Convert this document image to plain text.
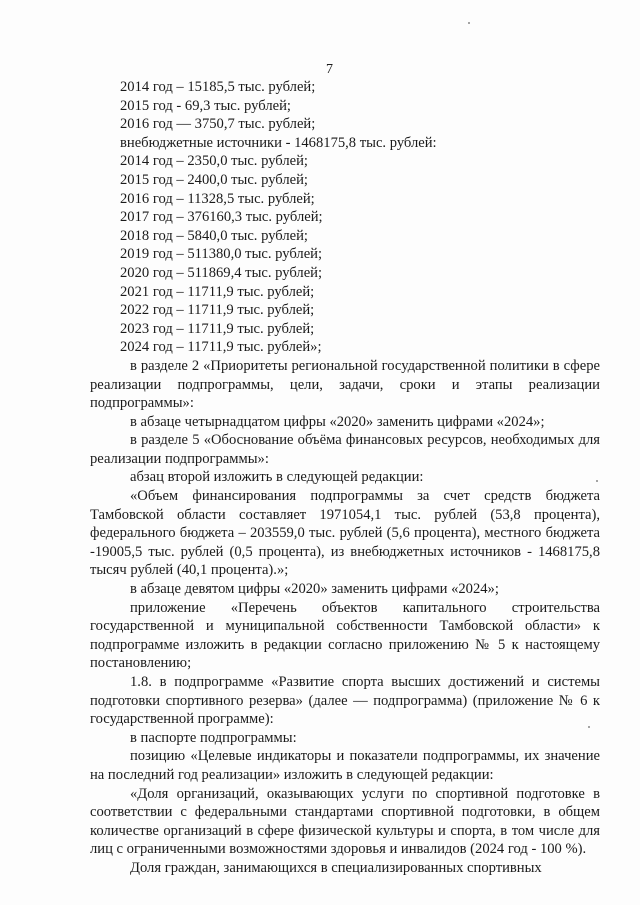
7
2014 год – 15185,5 тыс. рублей;
2015 год - 69,3 тыс. рублей;
2016 год — 3750,7 тыс. рублей;
внебюджетные источники - 1468175,8 тыс. рублей:
2014 год – 2350,0 тыс. рублей;
2015 год – 2400,0 тыс. рублей;
2016 год – 11328,5 тыс. рублей;
2017 год – 376160,3 тыс. рублей;
2018 год – 5840,0 тыс. рублей;
2019 год – 511380,0 тыс. рублей;
2020 год – 511869,4 тыс. рублей;
2021 год – 11711,9 тыс. рублей;
2022 год – 11711,9 тыс. рублей;
2023 год – 11711,9 тыс. рублей;
2024 год – 11711,9 тыс. рублей»;

в разделе 2 «Приоритеты региональной государственной политики в сфере реализации подпрограммы, цели, задачи, сроки и этапы реализации подпрограммы»:

в абзаце четырнадцатом цифры «2020» заменить цифрами «2024»;

в разделе 5 «Обоснование объёма финансовых ресурсов, необходимых для реализации подпрограммы»:

абзац второй изложить в следующей редакции:

«Объем финансирования подпрограммы за счет средств бюджета Тамбовской области составляет 1971054,1 тыс. рублей (53,8 процента), федерального бюджета – 203559,0 тыс. рублей (5,6 процента), местного бюджета -19005,5 тыс. рублей (0,5 процента), из внебюджетных источников - 1468175,8 тысяч рублей (40,1 процента).»;

в абзаце девятом цифры «2020» заменить цифрами «2024»;

приложение «Перечень объектов капитального строительства государственной и муниципальной собственности Тамбовской области» к подпрограмме изложить в редакции согласно приложению № 5 к настоящему постановлению;

1.8. в подпрограмме «Развитие спорта высших достижений и системы подготовки спортивного резерва» (далее — подпрограмма) (приложение № 6 к государственной программе):

в паспорте подпрограммы:

позицию «Целевые индикаторы и показатели подпрограммы, их значение на последний год реализации» изложить в следующей редакции:

«Доля организаций, оказывающих услуги по спортивной подготовке в соответствии с федеральными стандартами спортивной подготовки, в общем количестве организаций в сфере физической культуры и спорта, в том числе для лиц с ограниченными возможностями здоровья и инвалидов (2024 год - 100 %).

Доля граждан, занимающихся в специализированных спортивных
